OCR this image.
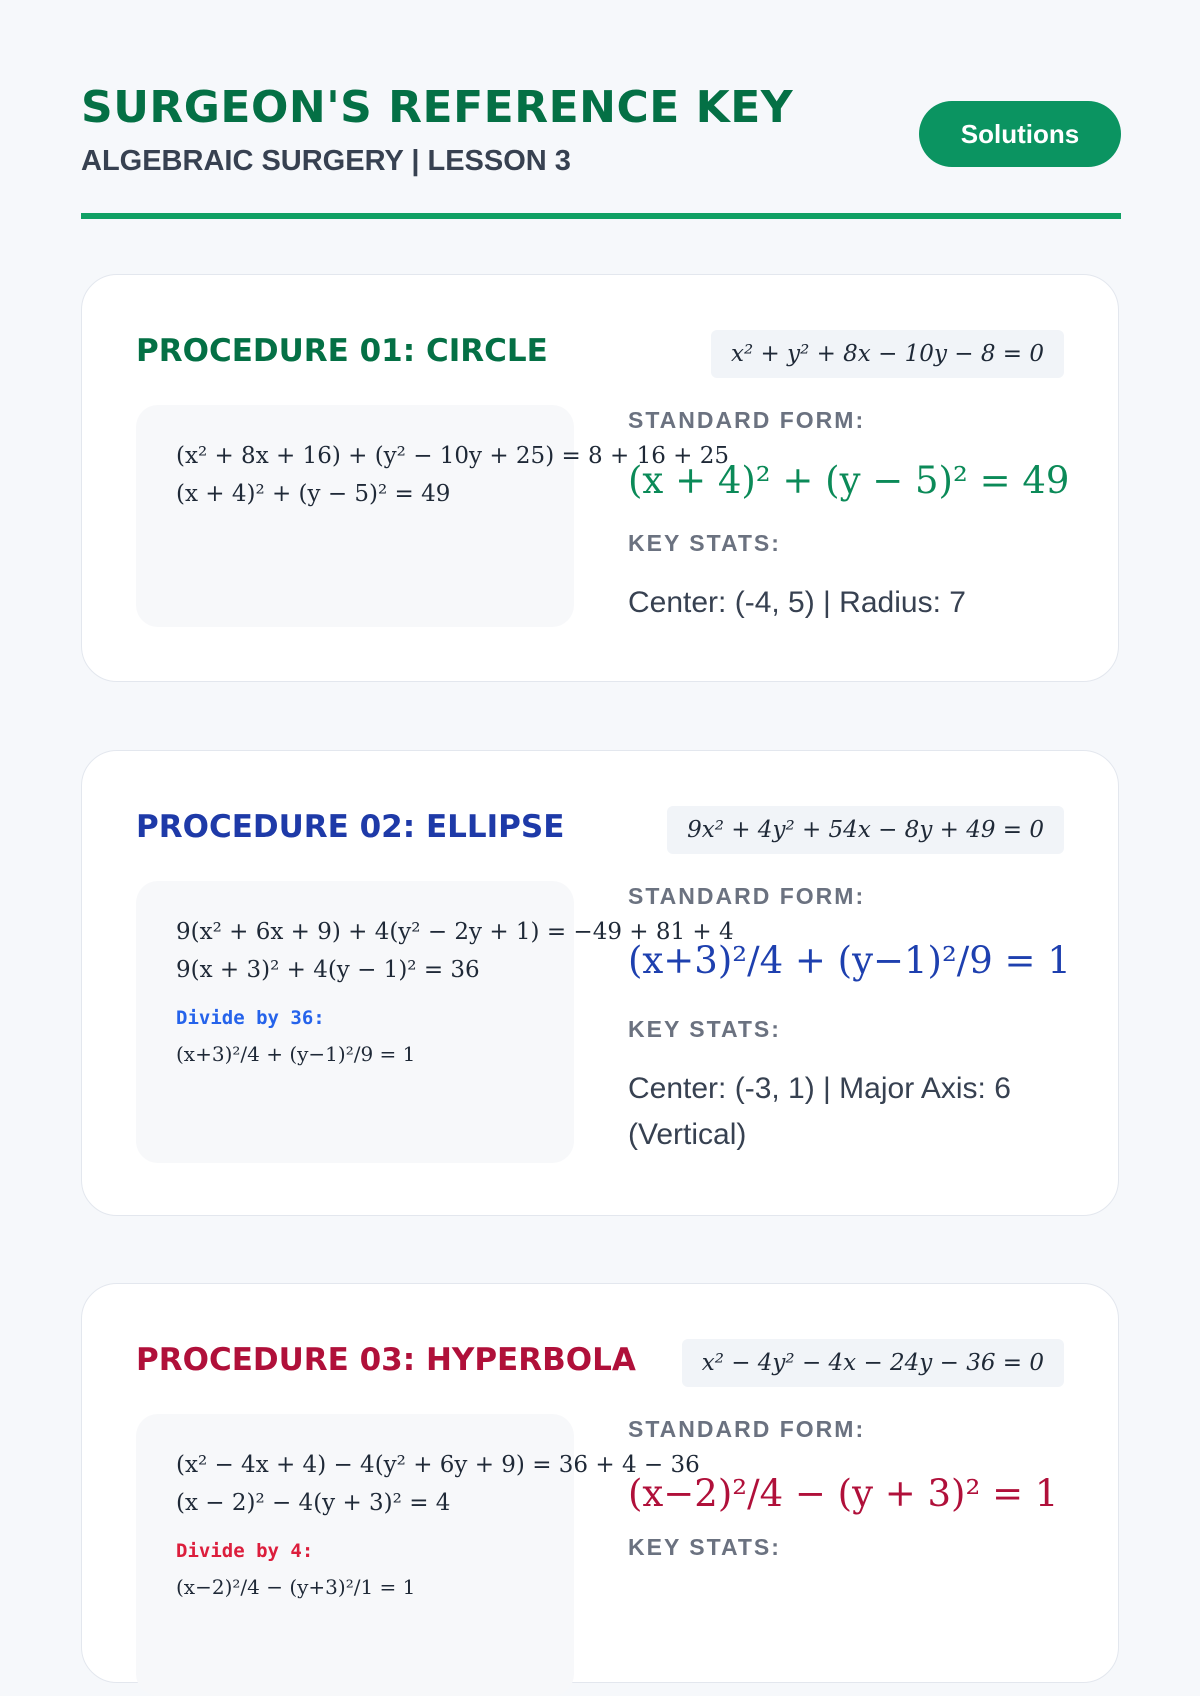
SURGEON'S REFERENCE KEY
ALGEBRAIC SURGERY | LESSON 3
Solutions
PROCEDURE 01: CIRCLE	x² + y² + 8x − 10y − 8 = 0
(x² + 8x + 16) + (y² − 10y + 25) = 8 + 16 + 25
(x + 4)² + (y − 5)² = 49
STANDARD FORM:
(x + 4)² + (y − 5)² = 49
KEY STATS:

Center: (-4, 5) | Radius: 7

PROCEDURE 02: ELLIPSE	9x² + 4y² + 54x − 8y + 49 = 0
9(x² + 6x + 9) + 4(y² − 2y + 1) = −49 + 81 + 4
9(x + 3)² + 4(y − 1)² = 36
Divide by 36:
(x+3)²/4 + (y−1)²/9 = 1
STANDARD FORM:
(x+3)²/4 + (y−1)²/9 = 1
KEY STATS:

Center: (-3, 1) | Major Axis: 6 (Vertical)

PROCEDURE 03: HYPERBOLA	x² − 4y² − 4x − 24y − 36 = 0
(x² − 4x + 4) − 4(y² + 6y + 9) = 36 + 4 − 36
(x − 2)² − 4(y + 3)² = 4
Divide by 4:
(x−2)²/4 − (y+3)²/1 = 1
STANDARD FORM:
(x−2)²/4 − (y + 3)² = 1
KEY STATS:
